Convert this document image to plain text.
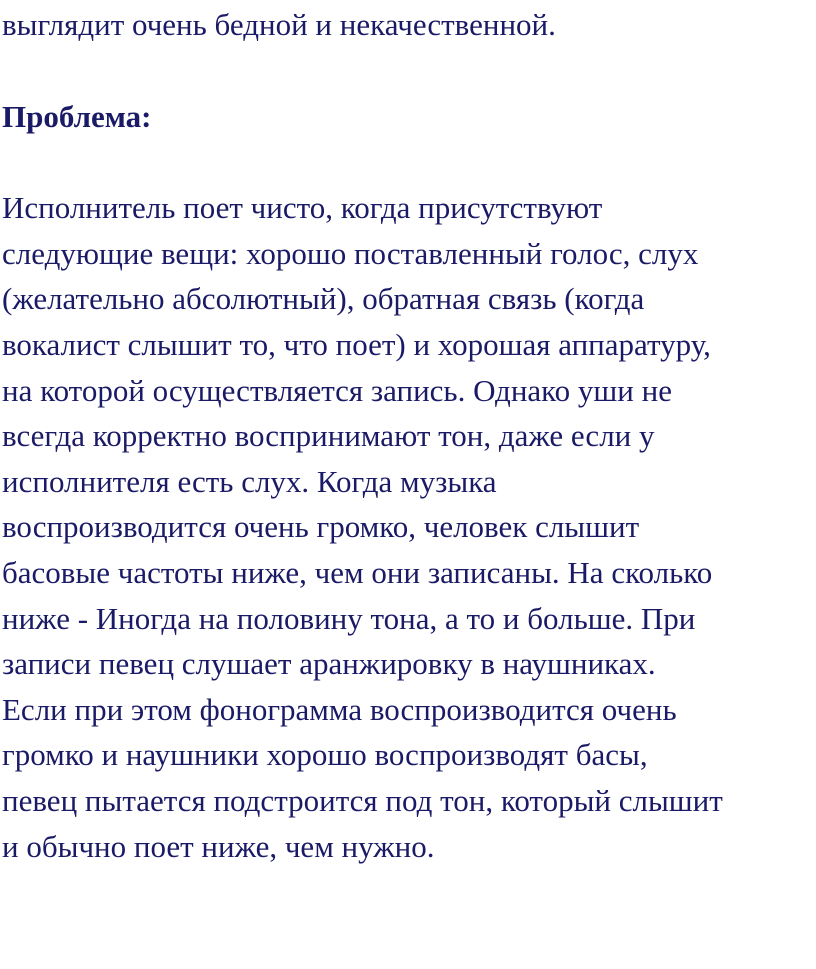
выглядит очень бедной и некачественной.

Проблема:

Исполнитель поет чисто, когда присутствуют
следующие вещи: хорошо поставленный голос, слух
(желательно абсолютный), обратная связь (когда
вокалист слышит то, что поет) и хорошая аппаратуру,
на которой осуществляется запись. Однако уши не
всегда корректно воспринимают тон, даже если у
исполнителя есть слух. Когда музыка
воспроизводится очень громко, человек слышит
басовые частоты ниже, чем они записаны. На сколько
ниже - Иногда на половину тона, а то и больше. При
записи певец слушает аранжировку в наушниках.
Если при этом фонограмма воспроизводится очень
громко и наушники хорошо воспроизводят басы,
певец пытается подстроится под тон, который слышит
и обычно поет ниже, чем нужно.
